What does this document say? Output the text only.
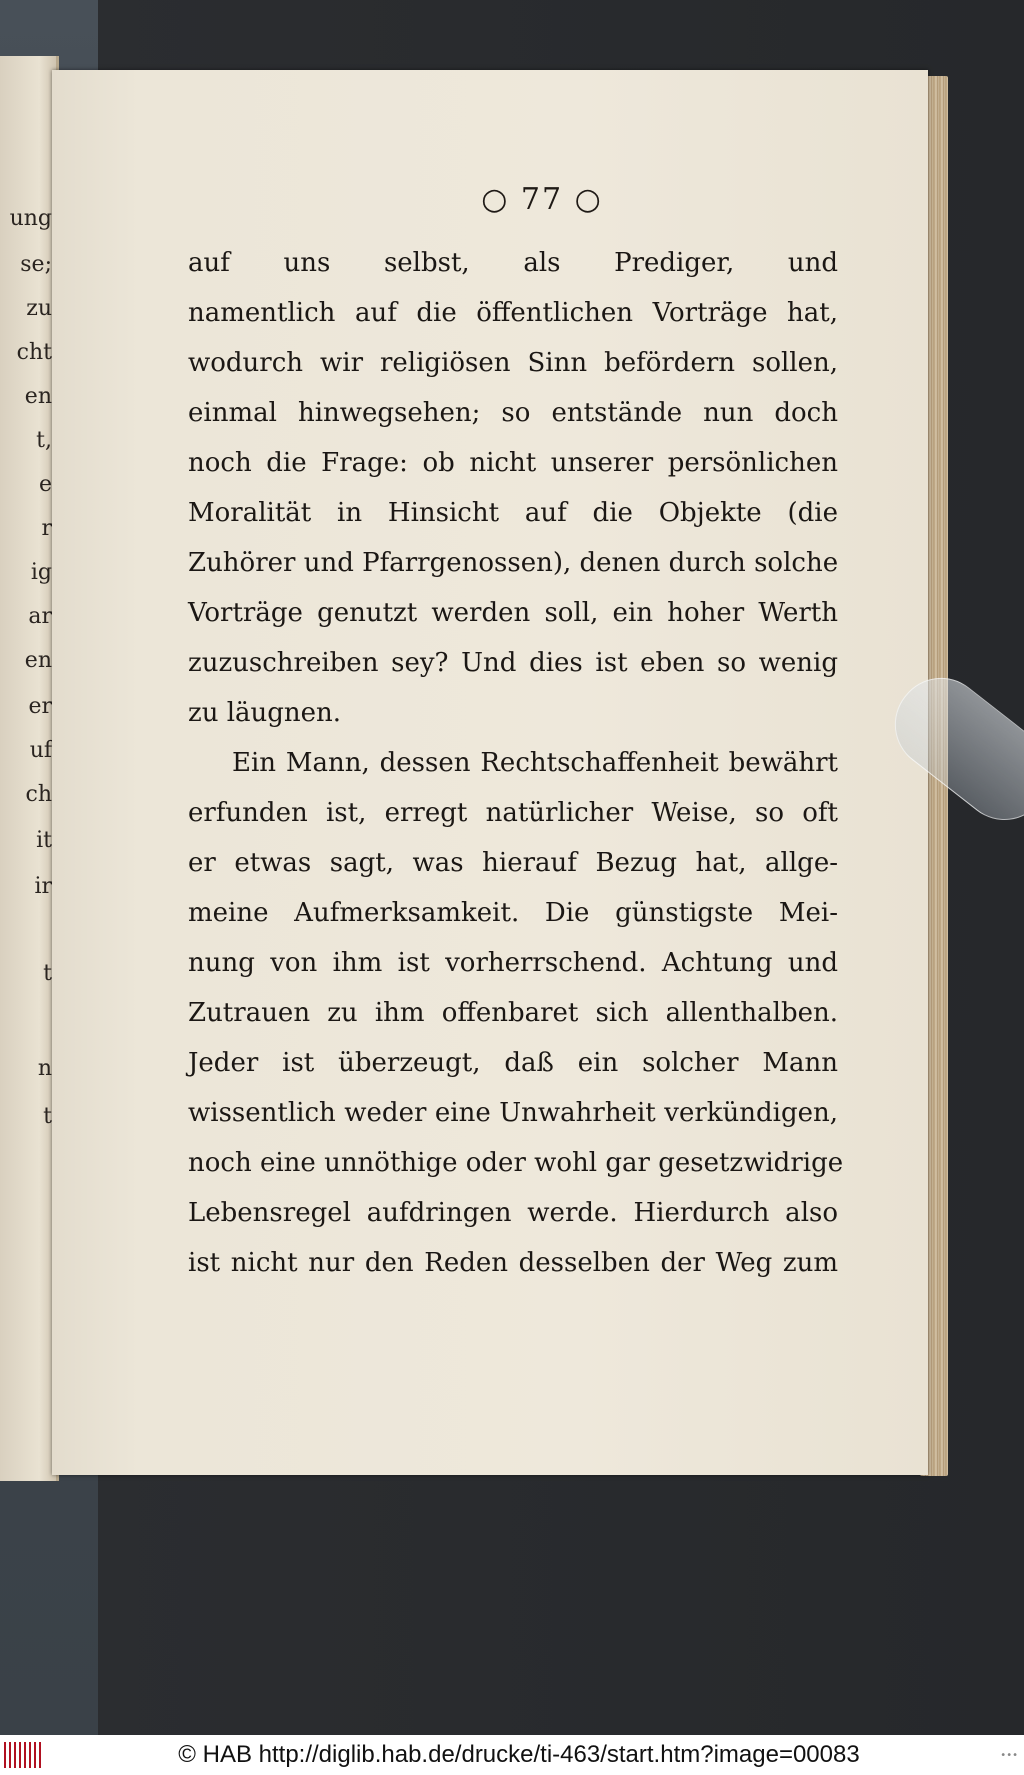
ung
se;
zu
cht
en
t,
e
r
ig
ar
en
er
uf
ch
it
ir
t
n
t
○ 77 ○
auf uns selbst, als Prediger, und
namentlich auf die öffentlichen Vorträge hat,
wodurch wir religiösen Sinn befördern sollen,
einmal hinwegsehen; so entstände nun doch
noch die Frage: ob nicht unserer persönlichen
Moralität in Hinsicht auf die Objekte (die
Zuhörer und Pfarrgenossen), denen durch solche
Vorträge genutzt werden soll, ein hoher Werth
zuzuschreiben sey? Und dies ist eben so wenig
zu läugnen.
Ein Mann, dessen Rechtschaffenheit bewährt
erfunden ist, erregt natürlicher Weise, so oft
er etwas sagt, was hierauf Bezug hat, allge-
meine Aufmerksamkeit. Die günstigste Mei-
nung von ihm ist vorherrschend. Achtung und
Zutrauen zu ihm offenbaret sich allenthalben.
Jeder ist überzeugt, daß ein solcher Mann
wissentlich weder eine Unwahrheit verkündigen,
noch eine unnöthige oder wohl gar gesetzwidrige
Lebensregel aufdringen werde. Hierdurch also
ist nicht nur den Reden desselben der Weg zum
© HAB http://diglib.hab.de/drucke/ti-463/start.htm?image=00083	•••
